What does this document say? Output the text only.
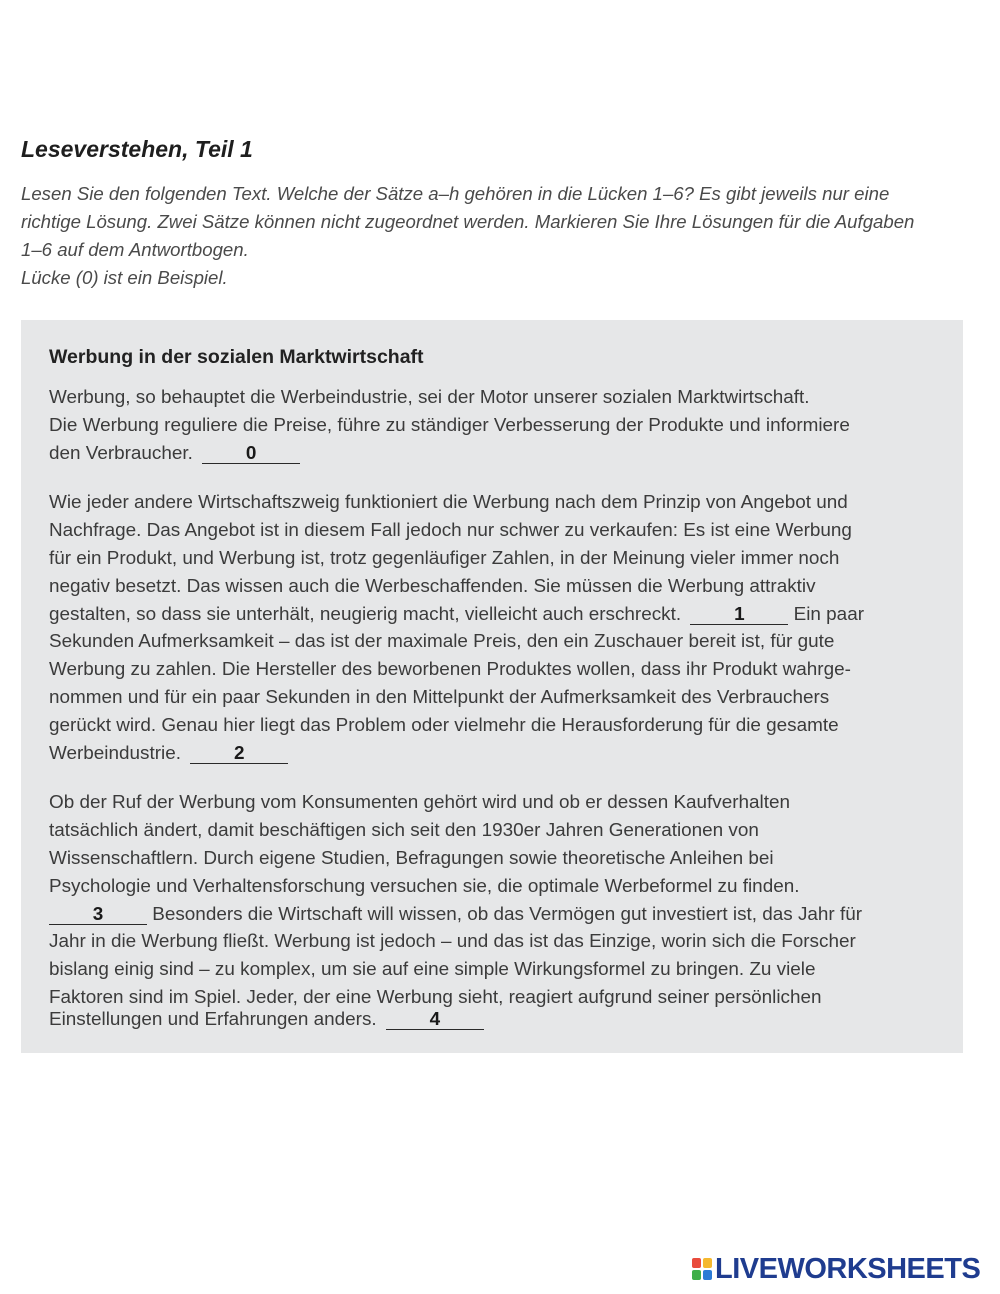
Leseverstehen, Teil 1
Lesen Sie den folgenden Text. Welche der Sätze a–h gehören in die Lücken 1–6? Es gibt jeweils nur eine
richtige Lösung. Zwei Sätze können nicht zugeordnet werden. Markieren Sie Ihre Lösungen für die Aufgaben
1–6 auf dem Antwortbogen.
Lücke (0) ist ein Beispiel.
Werbung in der sozialen Marktwirtschaft
Werbung, so behauptet die Werbeindustrie, sei der Motor unserer sozialen Marktwirtschaft.
Die Werbung reguliere die Preise, führe zu ständiger Verbesserung der Produkte und informiere
den Verbraucher.	0
Wie jeder andere Wirtschaftszweig funktioniert die Werbung nach dem Prinzip von Angebot und
Nachfrage. Das Angebot ist in diesem Fall jedoch nur schwer zu verkaufen: Es ist eine Werbung
für ein Produkt, und Werbung ist, trotz gegenläufiger Zahlen, in der Meinung vieler immer noch
negativ besetzt. Das wissen auch die Werbeschaffenden. Sie müssen die Werbung attraktiv
gestalten, so dass sie unterhält, neugierig macht, vielleicht auch erschreckt.	1	Ein paar
Sekunden Aufmerksamkeit – das ist der maximale Preis, den ein Zuschauer bereit ist, für gute
Werbung zu zahlen. Die Hersteller des beworbenen Produktes wollen, dass ihr Produkt wahrge-
nommen und für ein paar Sekunden in den Mittelpunkt der Aufmerksamkeit des Verbrauchers
gerückt wird. Genau hier liegt das Problem oder vielmehr die Herausforderung für die gesamte
Werbeindustrie.	2
Ob der Ruf der Werbung vom Konsumenten gehört wird und ob er dessen Kaufverhalten
tatsächlich ändert, damit beschäftigen sich seit den 1930er Jahren Generationen von
Wissenschaftlern. Durch eigene Studien, Befragungen sowie theoretische Anleihen bei
Psychologie und Verhaltensforschung versuchen sie, die optimale Werbeformel zu finden.
3	Besonders die Wirtschaft will wissen, ob das Vermögen gut investiert ist, das Jahr für
Jahr in die Werbung fließt. Werbung ist jedoch – und das ist das Einzige, worin sich die Forscher
bislang einig sind – zu komplex, um sie auf eine simple Wirkungsformel zu bringen. Zu viele
Faktoren sind im Spiel. Jeder, der eine Werbung sieht, reagiert aufgrund seiner persönlichen
Einstellungen und Erfahrungen anders.	4
LIVEWORKSHEETS
